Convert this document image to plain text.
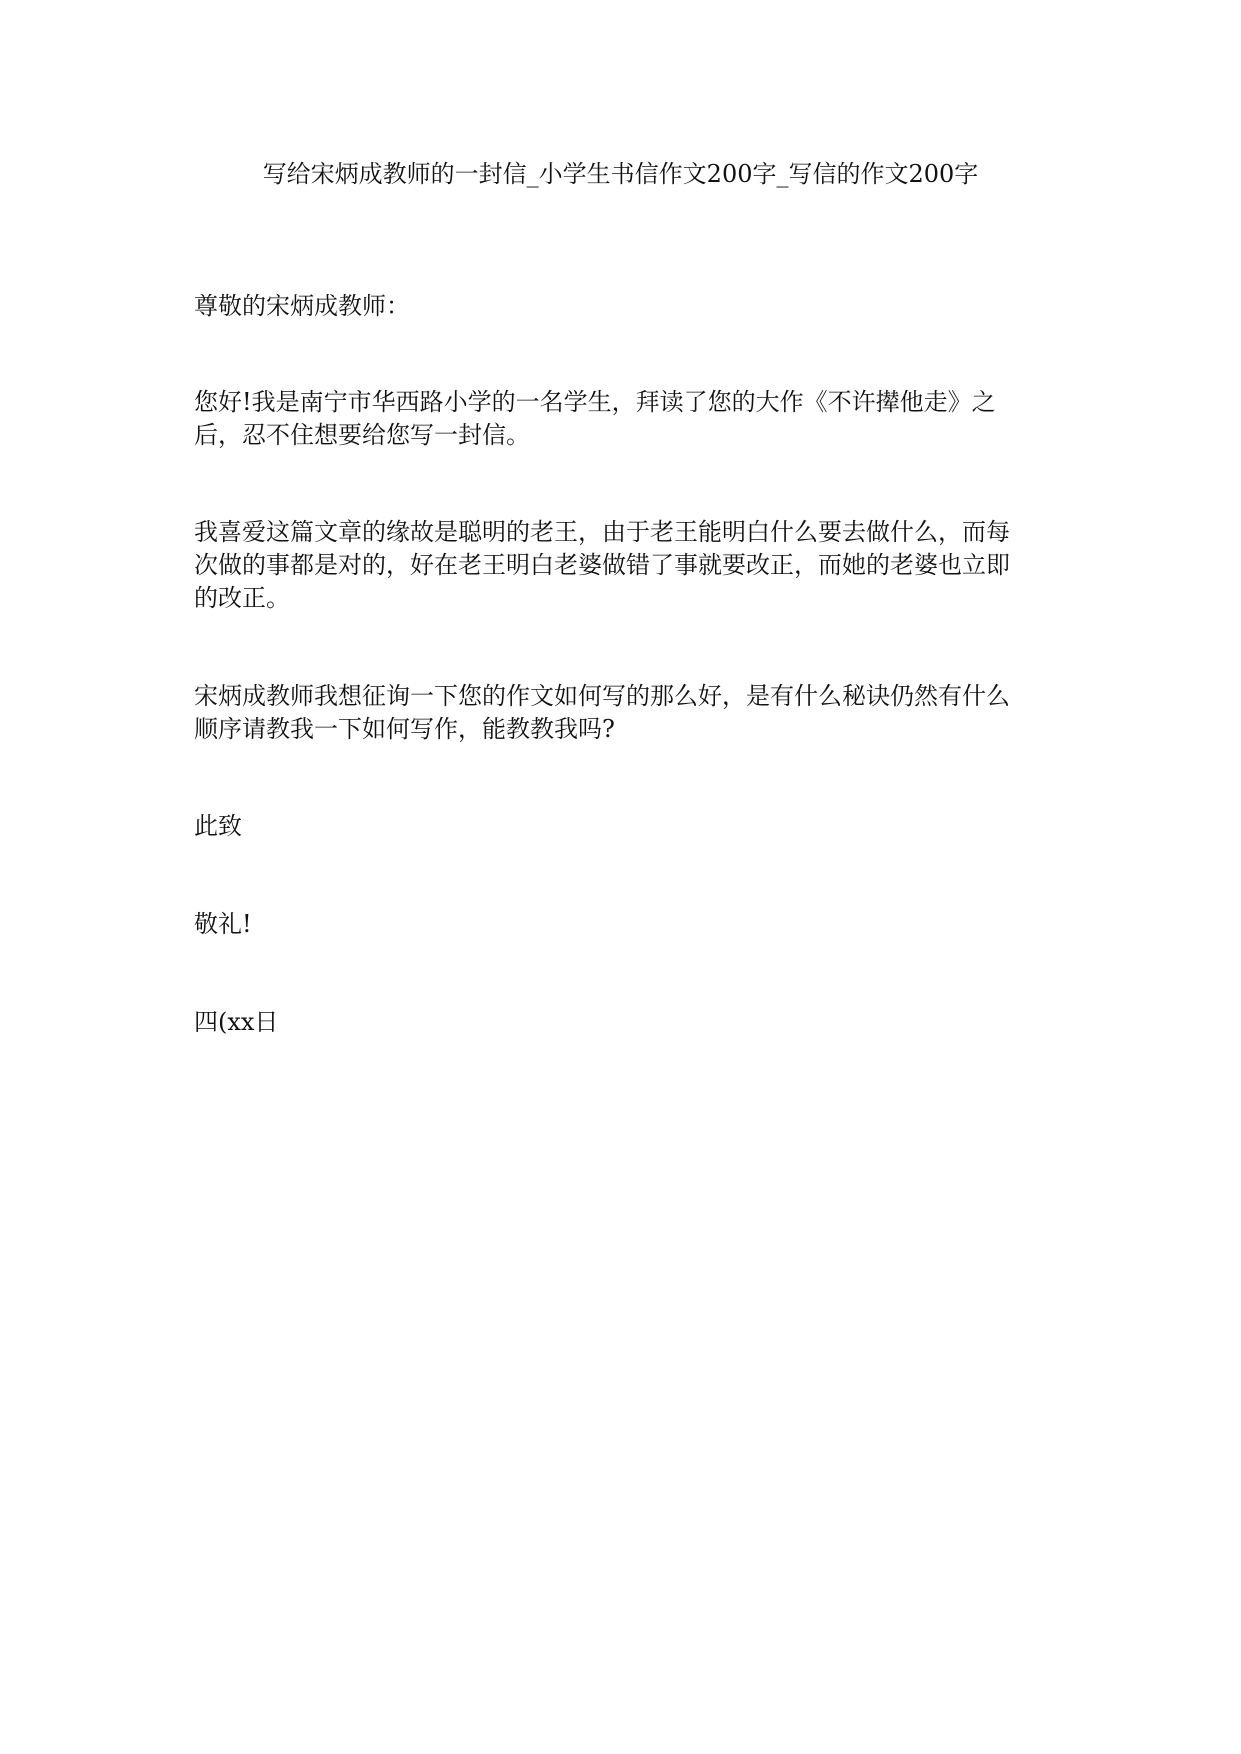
写给宋炳成教师的一封信_小学生书信作文200字_写信的作文200字

尊敬的宋炳成教师：

您好!我是南宁市华西路小学的一名学生，拜读了您的大作《不许撵他走》之
后，忍不住想要给您写一封信。

我喜爱这篇文章的缘故是聪明的老王，由于老王能明白什么要去做什么，而每
次做的事都是对的，好在老王明白老婆做错了事就要改正，而她的老婆也立即
的改正。

宋炳成教师我想征询一下您的作文如何写的那么好，是有什么秘诀仍然有什么
顺序请教我一下如何写作，能教教我吗?

此致

敬礼!

四(xx日
